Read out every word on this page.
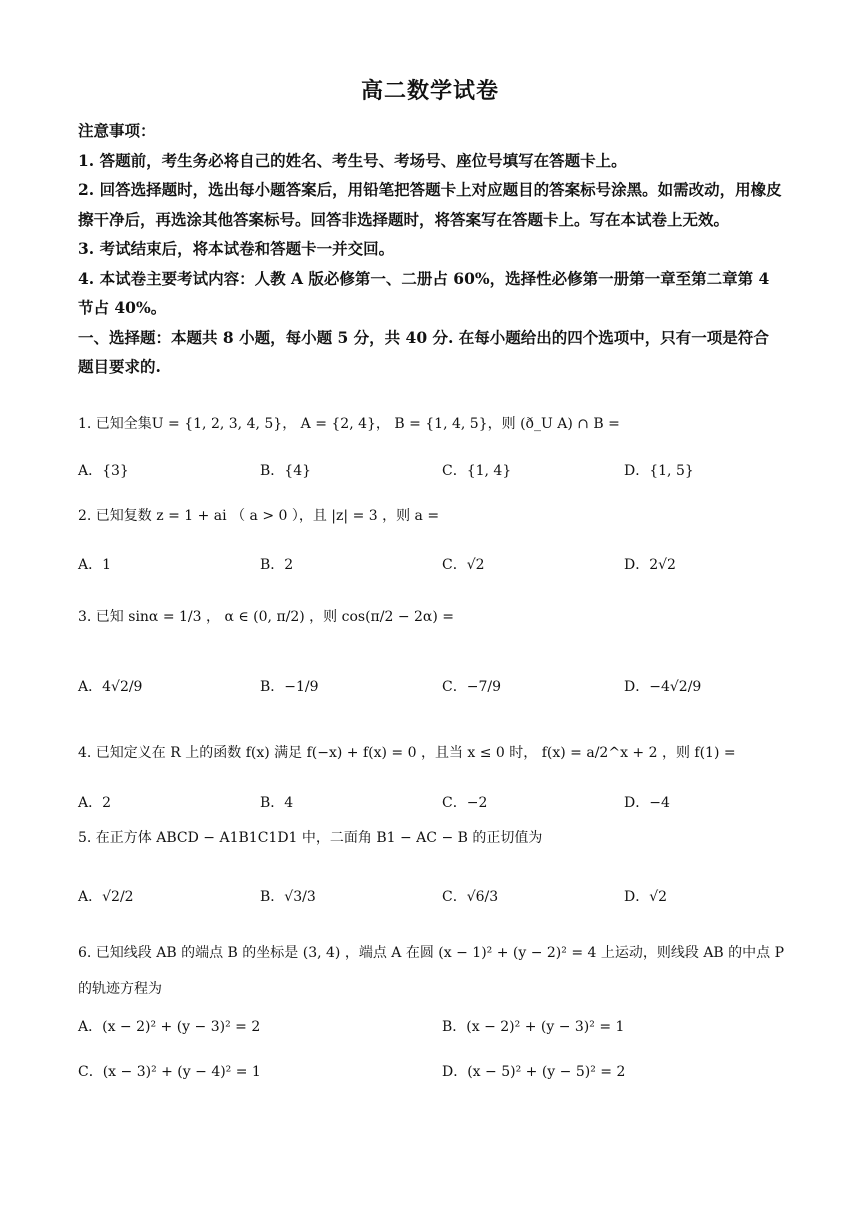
高二数学试卷

注意事项：

1. 答题前，考生务必将自己的姓名、考生号、考场号、座位号填写在答题卡上。

2. 回答选择题时，选出每小题答案后，用铅笔把答题卡上对应题目的答案标号涂黑。如需改动，用橡皮擦干净后，再选涂其他答案标号。回答非选择题时，将答案写在答题卡上。写在本试卷上无效。

3. 考试结束后，将本试卷和答题卡一并交回。

4. 本试卷主要考试内容：人教 A 版必修第一、二册占 60%，选择性必修第一册第一章至第二章第 4 节占 40%。

一、选择题：本题共 8 小题，每小题 5 分，共 40 分. 在每小题给出的四个选项中，只有一项是符合题目要求的.

1. 已知全集U = {1, 2, 3, 4, 5}， A = {2, 4}， B = {1, 4, 5}，则 (ð_U A) ∩ B =
A．{3}	B．{4}	C．{1, 4}	D．{1, 5}
2. 已知复数 z = 1 + ai （ a > 0 ），且 |z| = 3 ，则 a =
A．1	B．2	C．√2	D．2√2
3. 已知 sinα = 1/3 ， α ∈ (0, π/2) ，则 cos(π/2 − 2α) =
A．4√2/9	B．−1/9	C．−7/9	D．−4√2/9
4. 已知定义在 R 上的函数 f(x) 满足 f(−x) + f(x) = 0 ，且当 x ≤ 0 时， f(x) = a/2^x + 2 ，则 f(1) =
A．2	B．4	C．−2	D．−4
5. 在正方体 ABCD − A1B1C1D1 中，二面角 B1 − AC − B 的正切值为
A．√2/2	B．√3/3	C．√6/3	D．√2
6. 已知线段 AB 的端点 B 的坐标是 (3, 4) ，端点 A 在圆 (x − 1)² + (y − 2)² = 4 上运动，则线段 AB 的中点 P
的轨迹方程为
A．(x − 2)² + (y − 3)² = 2	B．(x − 2)² + (y − 3)² = 1
C．(x − 3)² + (y − 4)² = 1	D．(x − 5)² + (y − 5)² = 2
